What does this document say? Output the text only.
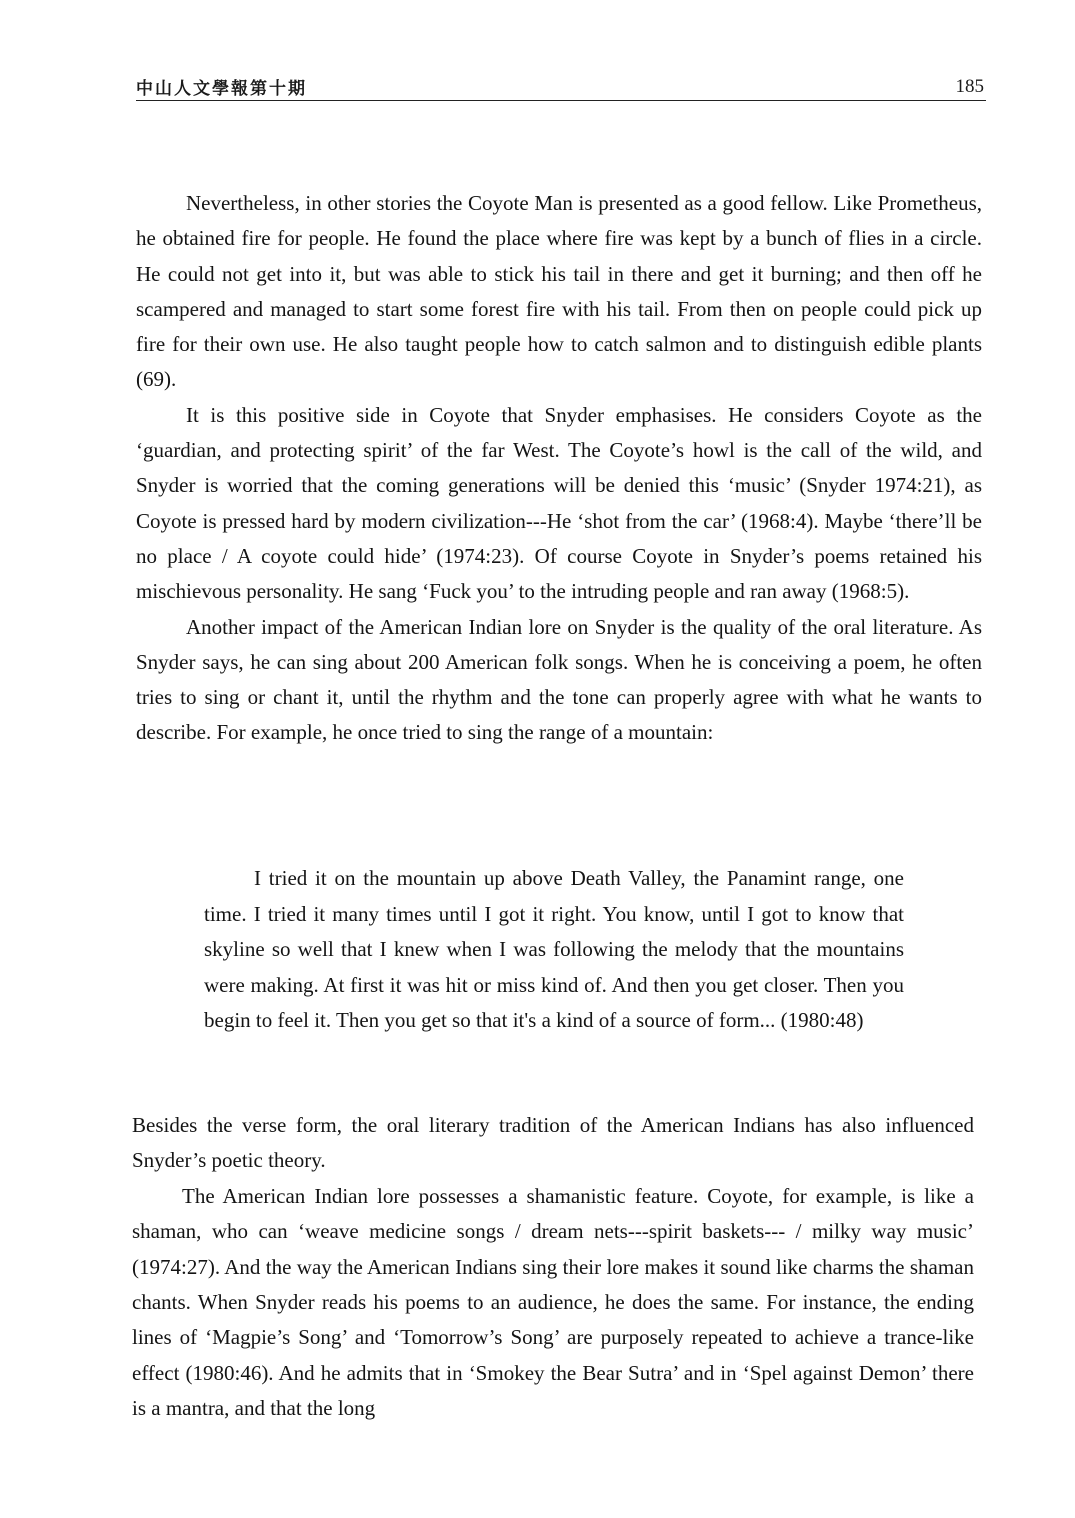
中山人文學報第十期	185

Nevertheless, in other stories the Coyote Man is presented as a good fellow. Like Prometheus, he obtained fire for people. He found the place where fire was kept by a bunch of flies in a circle. He could not get into it, but was able to stick his tail in there and get it burning; and then off he scampered and managed to start some forest fire with his tail. From then on people could pick up fire for their own use. He also taught people how to catch salmon and to distinguish edible plants (69).

It is this positive side in Coyote that Snyder emphasises. He considers Coyote as the ‘guardian, and protecting spirit’ of the far West. The Coyote’s howl is the call of the wild, and Snyder is worried that the coming generations will be denied this ‘music’ (Snyder 1974:21), as Coyote is pressed hard by modern civilization---He ‘shot from the car’ (1968:4). Maybe ‘there’ll be no place / A coyote could hide’ (1974:23). Of course Coyote in Snyder’s poems retained his mischievous personality. He sang ‘Fuck you’ to the intruding people and ran away (1968:5).

Another impact of the American Indian lore on Snyder is the quality of the oral literature. As Snyder says, he can sing about 200 American folk songs. When he is conceiving a poem, he often tries to sing or chant it, until the rhythm and the tone can properly agree with what he wants to describe. For example, he once tried to sing the range of a mountain:

I tried it on the mountain up above Death Valley, the Panamint range, one time. I tried it many times until I got it right. You know, until I got to know that skyline so well that I knew when I was following the melody that the mountains were making. At first it was hit or miss kind of. And then you get closer. Then you begin to feel it. Then you get so that it's a kind of a source of form... (1980:48)

Besides the verse form, the oral literary tradition of the American Indians has also influenced Snyder’s poetic theory.

The American Indian lore possesses a shamanistic feature. Coyote, for example, is like a shaman, who can ‘weave medicine songs / dream nets---spirit baskets--- / milky way music’ (1974:27). And the way the American Indians sing their lore makes it sound like charms the shaman chants. When Snyder reads his poems to an audience, he does the same. For instance, the ending lines of ‘Magpie’s Song’ and ‘Tomorrow’s Song’ are purposely repeated to achieve a trance-like effect (1980:46). And he admits that in ‘Smokey the Bear Sutra’ and in ‘Spel against Demon’ there is a mantra, and that the long
